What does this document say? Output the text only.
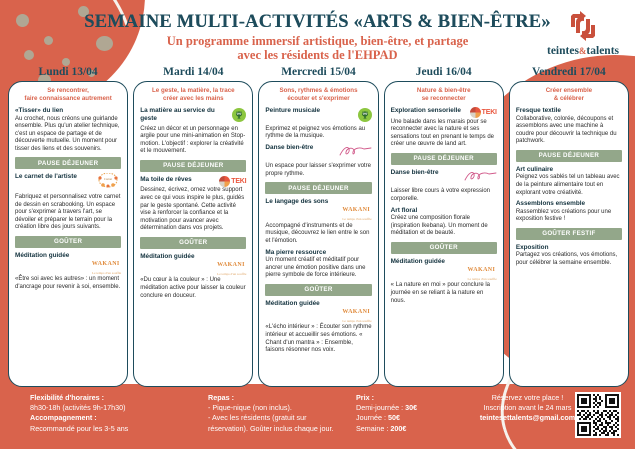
SEMAINE MULTI-ACTIVITÉS «ARTS & BIEN-ÊTRE»
Un programme immersif artistique, bien-être, et partage
avec les résidents de l'EHPAD	teintes&talents
Lundi 13/04
Se rencontrer,
faire connaissance autrement
«Tisser» du lien
Au crochet, nous créons une guirlande ensemble. Plus qu'un atelier technique, c'est un espace de partage et de découverte mutuelle. Un moment pour tisser des liens et des souvenirs.
PAUSE DÉJEUNER
Le carnet de l'artiste	Carnet
Fabriquez et personnalisez votre carnet de dessin en scrabooking. Un espace pour s'exprimer à travers l'art, se dévoiler et préparer le terrain pour la création libre des jours suivants.
GOÛTER
Méditation guidée
WAKANI
Le temps d'un souffle
«Être soi avec les autres» : un moment d'ancrage pour revenir à soi, ensemble.
Mardi 14/04
Le geste, la matière, la trace
créer avec les mains
La matière au service du geste
Créez un décor et un personnage en argile pour une mini-animation en Stop-motion. L'objectif : explorer la créativité et le mouvement.
PAUSE DÉJEUNER
Ma toile de rêves	TEKI
Dessinez, écrivez, ornez votre support avec ce qui vous inspire le plus, guidés par le geste spontané. Cette activité vise à renforcer la confiance et la motivation pour avancer avec détermination dans vos projets.
GOÛTER
Méditation guidée
WAKANI
Le temps d'un souffle
«Du cœur à la couleur » : Une méditation active pour laisser la couleur conclure en douceur.
Mercredi 15/04
Sons, rythmes & émotions
écouter et s'exprimer
Peinture musicale
Exprimez et peignez vos émotions au rythme de la musique.
Danse bien-être
Un espace pour laisser s'exprimer votre propre rythme.
PAUSE DÉJEUNER
Le langage des sons
WAKANI
Le temps d'un souffle
Accompagné d'instruments et de musique, découvrez le lien entre le son et l'émotion.
Ma pierre ressource
Un moment créatif et méditatif pour ancrer une émotion positive dans une pierre symbole de force intérieure.
GOÛTER
Méditation guidée
WAKANI
Le temps d'un souffle
«L'écho intérieur » : Écouter son rythme intérieur et accueillir ses émotions. « Chant d'un mantra » : Ensemble, faisons résonner nos voix.
Jeudi 16/04
Nature & bien-être
se reconnecter
Exploration sensorielle	TEKI
Une balade dans les marais pour se reconnecter avec la nature et ses sensations tout en prenant le temps de créer une œuvre de land art.
PAUSE DÉJEUNER
Danse bien-être
Laisser libre cours à votre expression corporelle.
Art floral
Créez une composition florale (inspiration Ikebana). Un moment de méditation et de beauté.
GOÛTER
Méditation guidée
WAKANI
Le temps d'un souffle
« La nature en moi » pour conclure la journée en se reliant à la nature en nous.
Vendredi 17/04
Créer ensemble
& célébrer
Fresque textile
Collaborative, colorée, découpons et assemblons avec une machine à coudre pour découvrir la technique du patchwork.
PAUSE DÉJEUNER
Art culinaire
Peignez vos sablés tel un tableau avec de la peinture alimentaire tout en explorant votre créativité.
Assemblons ensemble
Rassemblez vos créations pour une exposition festive !
GOÛTER FESTIF
Exposition
Partagez vos créations, vos émotions, pour célébrer la semaine ensemble.
Flexibilité d'horaires :
8h30-18h (activités 9h-17h30)
Accompagnement :
Recommandé pour les 3-5 ans
Repas :
- Pique-nique (non inclus).
- Avec les résidents (gratuit sur
réservation). Goûter inclus chaque jour.
Prix :
Demi-journée : 30€
Journée : 50€
Semaine : 200€
Réservez votre place !
Inscription avant le 24 mars
teintesettalents@gmail.com
